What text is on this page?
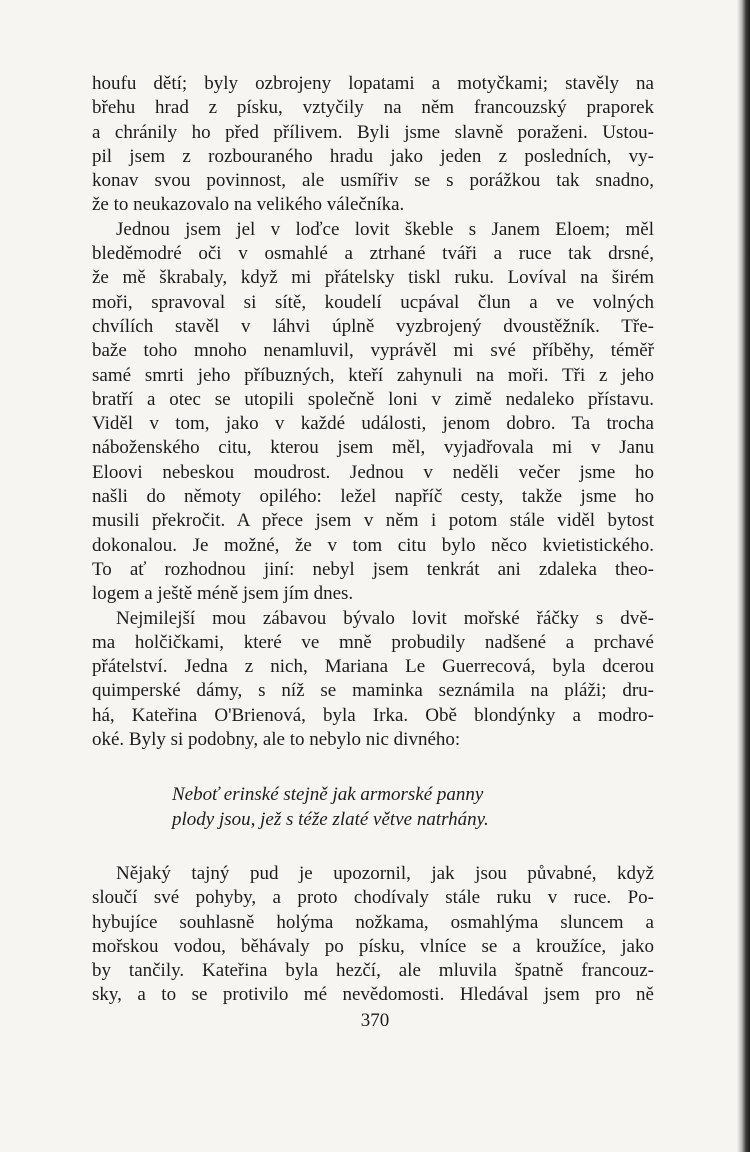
houfu dětí; byly ozbrojeny lopatami a motyčkami; stavěly na
břehu hrad z písku, vztyčily na něm francouzský praporek
a chránily ho před přílivem. Byli jsme slavně poraženi. Ustou-
pil jsem z rozbouraného hradu jako jeden z posledních, vy-
konav svou povinnost, ale usmířiv se s porážkou tak snadno,
že to neukazovalo na velikého válečníka.

Jednou jsem jel v loďce lovit škeble s Janem Eloem; měl
bleděmodré oči v osmahlé a ztrhané tváři a ruce tak drsné,
že mě škrabaly, když mi přátelsky tiskl ruku. Lovíval na širém
moři, spravoval si sítě, koudelí ucpával člun a ve volných
chvílích stavěl v láhvi úplně vyzbrojený dvoustěžník. Tře-
baže toho mnoho nenamluvil, vyprávěl mi své příběhy, téměř
samé smrti jeho příbuzných, kteří zahynuli na moři. Tři z jeho
bratří a otec se utopili společně loni v zimě nedaleko přístavu.
Viděl v tom, jako v každé události, jenom dobro. Ta trocha
náboženského citu, kterou jsem měl, vyjadřovala mi v Janu
Eloovi nebeskou moudrost. Jednou v neděli večer jsme ho
našli do němoty opilého: ležel napříč cesty, takže jsme ho
musili překročit. A přece jsem v něm i potom stále viděl bytost
dokonalou. Je možné, že v tom citu bylo něco kvietistického.
To ať rozhodnou jiní: nebyl jsem tenkrát ani zdaleka theo-
logem a ještě méně jsem jím dnes.

Nejmilejší mou zábavou bývalo lovit mořské řáčky s dvě-
ma holčičkami, které ve mně probudily nadšené a prchavé
přátelství. Jedna z nich, Mariana Le Guerrecová, byla dcerou
quimperské dámy, s níž se maminka seznámila na pláži; dru-
há, Kateřina O'Brienová, byla Irka. Obě blondýnky a modro-
oké. Byly si podobny, ale to nebylo nic divného:

Neboť erinské stejně jak armorské panny
plody jsou, jež s téže zlaté větve natrhány.

Nějaký tajný pud je upozornil, jak jsou půvabné, když
sloučí své pohyby, a proto chodívaly stále ruku v ruce. Po-
hybujíce souhlasně holýma nožkama, osmahlýma sluncem a
mořskou vodou, běhávaly po písku, vlníce se a kroužíce, jako
by tančily. Kateřina byla hezčí, ale mluvila špatně francouz-
sky, a to se protivilo mé nevědomosti. Hledával jsem pro ně

370
